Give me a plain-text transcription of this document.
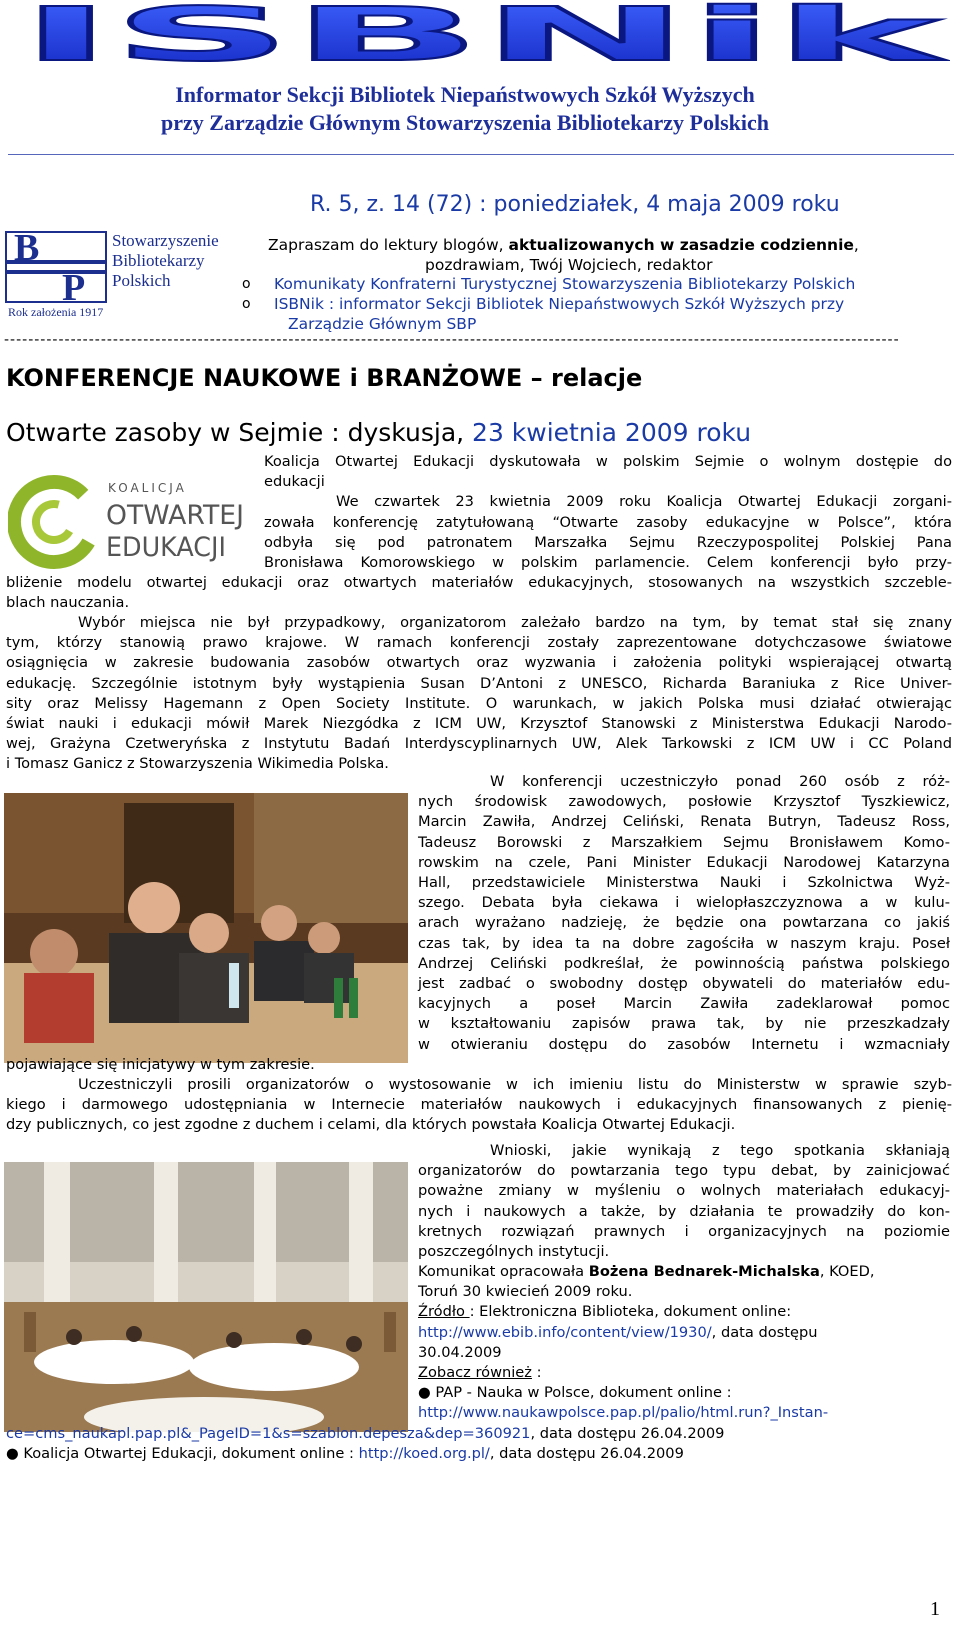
ISBNik
Informator Sekcji Bibliotek Niepaństwowych Szkół Wyższych
przy Zarządzie Głównym Stowarzyszenia Bibliotekarzy Polskich
R. 5, z. 14 (72) : poniedziałek, 4 maja 2009 roku
B
P
Stowarzyszenie
Bibliotekarzy
Polskich
Rok założenia 1917
Zapraszam do lektury blogów, aktualizowanych w zasadzie codziennie,
pozdrawiam, Twój Wojciech, redaktor
o Komunikaty Konfraterni Turystycznej Stowarzyszenia Bibliotekarzy Polskich
o ISBNik : informator Sekcji Bibliotek Niepaństwowych Szkół Wyższych przy
Zarządzie Głównym SBP
----------------------------------------------------------------------------------------------------------------------------------------------------
KONFERENCJE NAUKOWE i BRANŻOWE – relacje
Otwarte zasoby w Sejmie : dyskusja, 23 kwietnia 2009 roku
KOALICJA
OTWARTEJ
EDUKACJI
Koalicja Otwartej Edukacji dyskutowała w polskim Sejmie o wolnym dostępie do
edukacji
We czwartek 23 kwietnia 2009 roku Koalicja Otwartej Edukacji zorgani-
zowała konferencję zatytułowaną “Otwarte zasoby edukacyjne w Polsce”, która
odbyła się pod patronatem Marszałka Sejmu Rzeczypospolitej Polskiej Pana
Bronisława Komorowskiego w polskim parlamencie. Celem konferencji było przy-
bliżenie modelu otwartej edukacji oraz otwartych materiałów edukacyjnych, stosowanych na wszystkich szczeble-
blach nauczania.
Wybór miejsca nie był przypadkowy, organizatorom zależało bardzo na tym, by temat stał się znany
tym, którzy stanowią prawo krajowe. W ramach konferencji zostały zaprezentowane dotychczasowe światowe
osiągnięcia w zakresie budowania zasobów otwartych oraz wyzwania i założenia polityki wspierającej otwartą
edukację. Szczególnie istotnym były wystąpienia Susan D’Antoni z UNESCO, Richarda Baraniuka z Rice Univer-
sity oraz Melissy Hagemann z Open Society Institute. O warunkach, w jakich Polska musi działać otwierając
świat nauki i edukacji mówił Marek Niezgódka z ICM UW, Krzysztof Stanowski z Ministerstwa Edukacji Narodo-
wej, Grażyna Czetweryńska z Instytutu Badań Interdyscyplinarnych UW, Alek Tarkowski z ICM UW i CC Poland
i Tomasz Ganicz z Stowarzyszenia Wikimedia Polska.
W konferencji uczestniczyło ponad 260 osób z róż-
nych środowisk zawodowych, posłowie Krzysztof Tyszkiewicz,
Marcin Zawiła, Andrzej Celiński, Renata Butryn, Tadeusz Ross,
Tadeusz Borowski z Marszałkiem Sejmu Bronisławem Komo-
rowskim na czele, Pani Minister Edukacji Narodowej Katarzyna
Hall, przedstawiciele Ministerstwa Nauki i Szkolnictwa Wyż-
szego. Debata była ciekawa i wielopłaszczyznowa a w kulu-
arach wyrażano nadzieję, że będzie ona powtarzana co jakiś
czas tak, by idea ta na dobre zagościła w naszym kraju. Poseł
Andrzej Celiński podkreślał, że powinnością państwa polskiego
jest zadbać o swobodny dostęp obywateli do materiałów edu-
kacyjnych a poseł Marcin Zawiła zadeklarował pomoc
w kształtowaniu zapisów prawa tak, by nie przeszkadzały
w otwieraniu dostępu do zasobów Internetu i wzmacniały
pojawiające się inicjatywy w tym zakresie.
Uczestniczyli prosili organizatorów o wystosowanie w ich imieniu listu do Ministerstw w sprawie szyb-
kiego i darmowego udostępniania w Internecie materiałów naukowych i edukacyjnych finansowanych z pienię-
dzy publicznych, co jest zgodne z duchem i celami, dla których powstała Koalicja Otwartej Edukacji.
Wnioski, jakie wynikają z tego spotkania skłaniają
organizatorów do powtarzania tego typu debat, by zainicjować
poważne zmiany w myśleniu o wolnych materiałach edukacyj-
nych i naukowych a także, by działania te prowadziły do kon-
kretnych rozwiązań prawnych i organizacyjnych na poziomie
poszczególnych instytucji.
Komunikat opracowała Bożena Bednarek-Michalska, KOED,
Toruń 30 kwiecień 2009 roku.
Źródło : Elektroniczna Biblioteka, dokument online:
http://www.ebib.info/content/view/1930/, data dostępu
30.04.2009
Zobacz również :
● PAP - Nauka w Polsce, dokument online :
http://www.naukawpolsce.pap.pl/palio/html.run?_Instan-
ce=cms_naukapl.pap.pl&_PageID=1&s=szablon.depesza&dep=360921, data dostępu 26.04.2009
● Koalicja Otwartej Edukacji, dokument online : http://koed.org.pl/, data dostępu 26.04.2009
1
